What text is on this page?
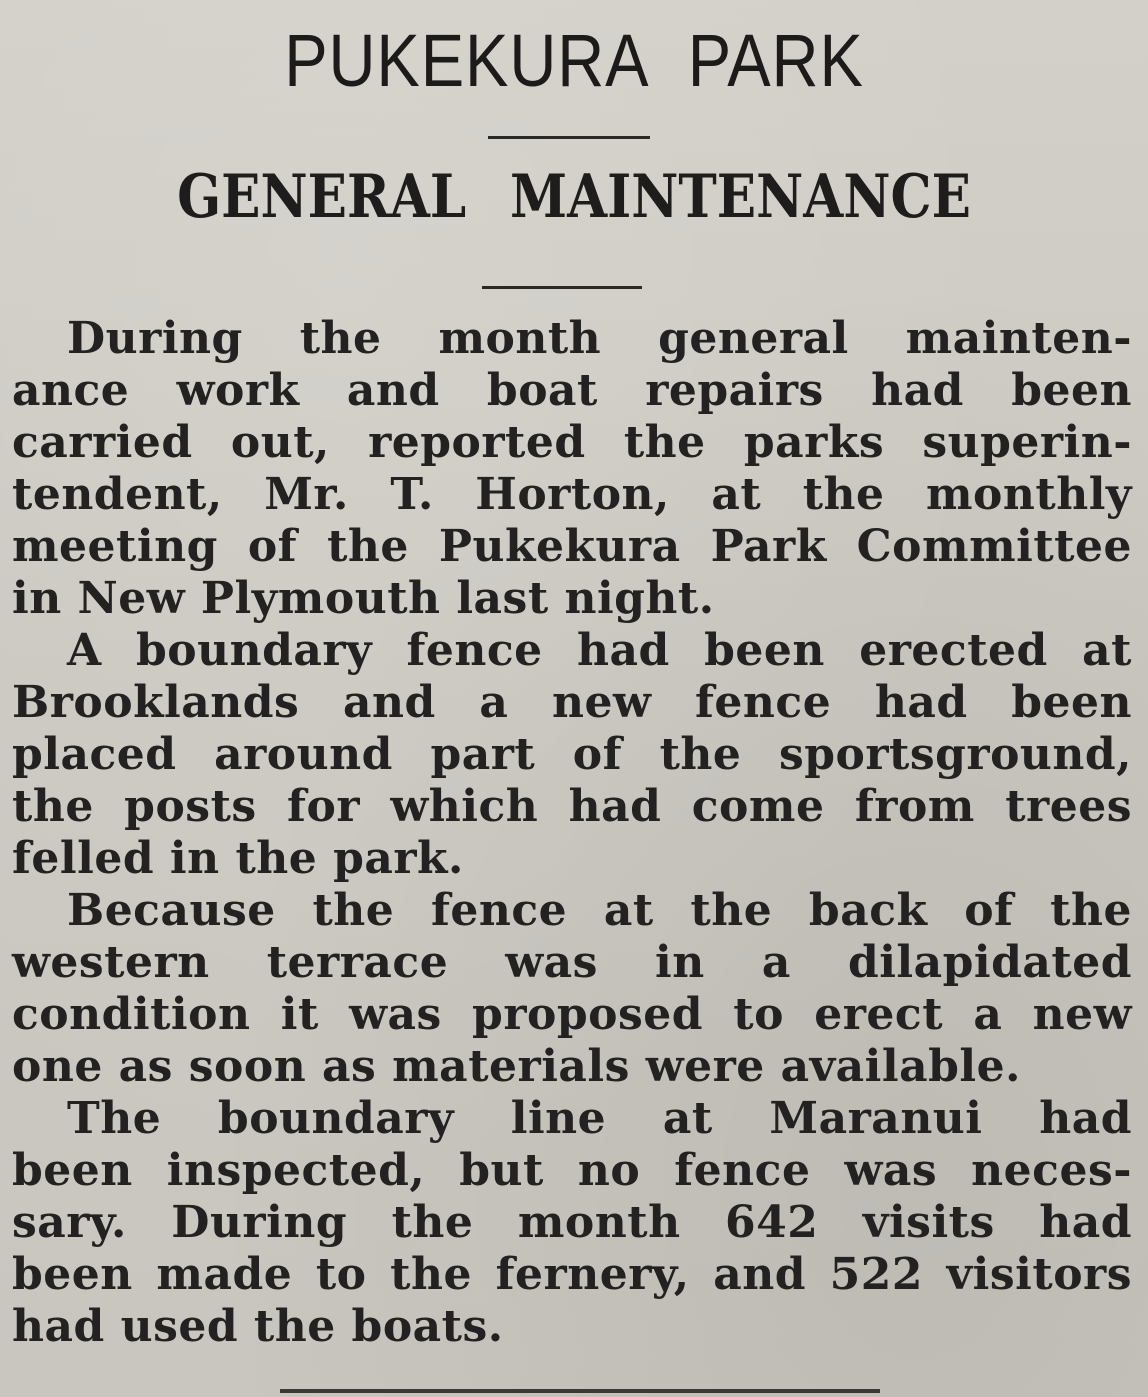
PUKEKURA PARK
GENERAL MAINTENANCE
During the month general mainten-
ance work and boat repairs had been
carried out, reported the parks superin-
tendent, Mr. T. Horton, at the monthly
meeting of the Pukekura Park Committee
in New Plymouth last night.
A boundary fence had been erected at
Brooklands and a new fence had been
placed around part of the sportsground,
the posts for which had come from trees
felled in the park.
Because the fence at the back of the
western terrace was in a dilapidated
condition it was proposed to erect a new
one as soon as materials were available.
The boundary line at Maranui had
been inspected, but no fence was neces-
sary. During the month 642 visits had
been made to the fernery, and 522 visitors
had used the boats.
